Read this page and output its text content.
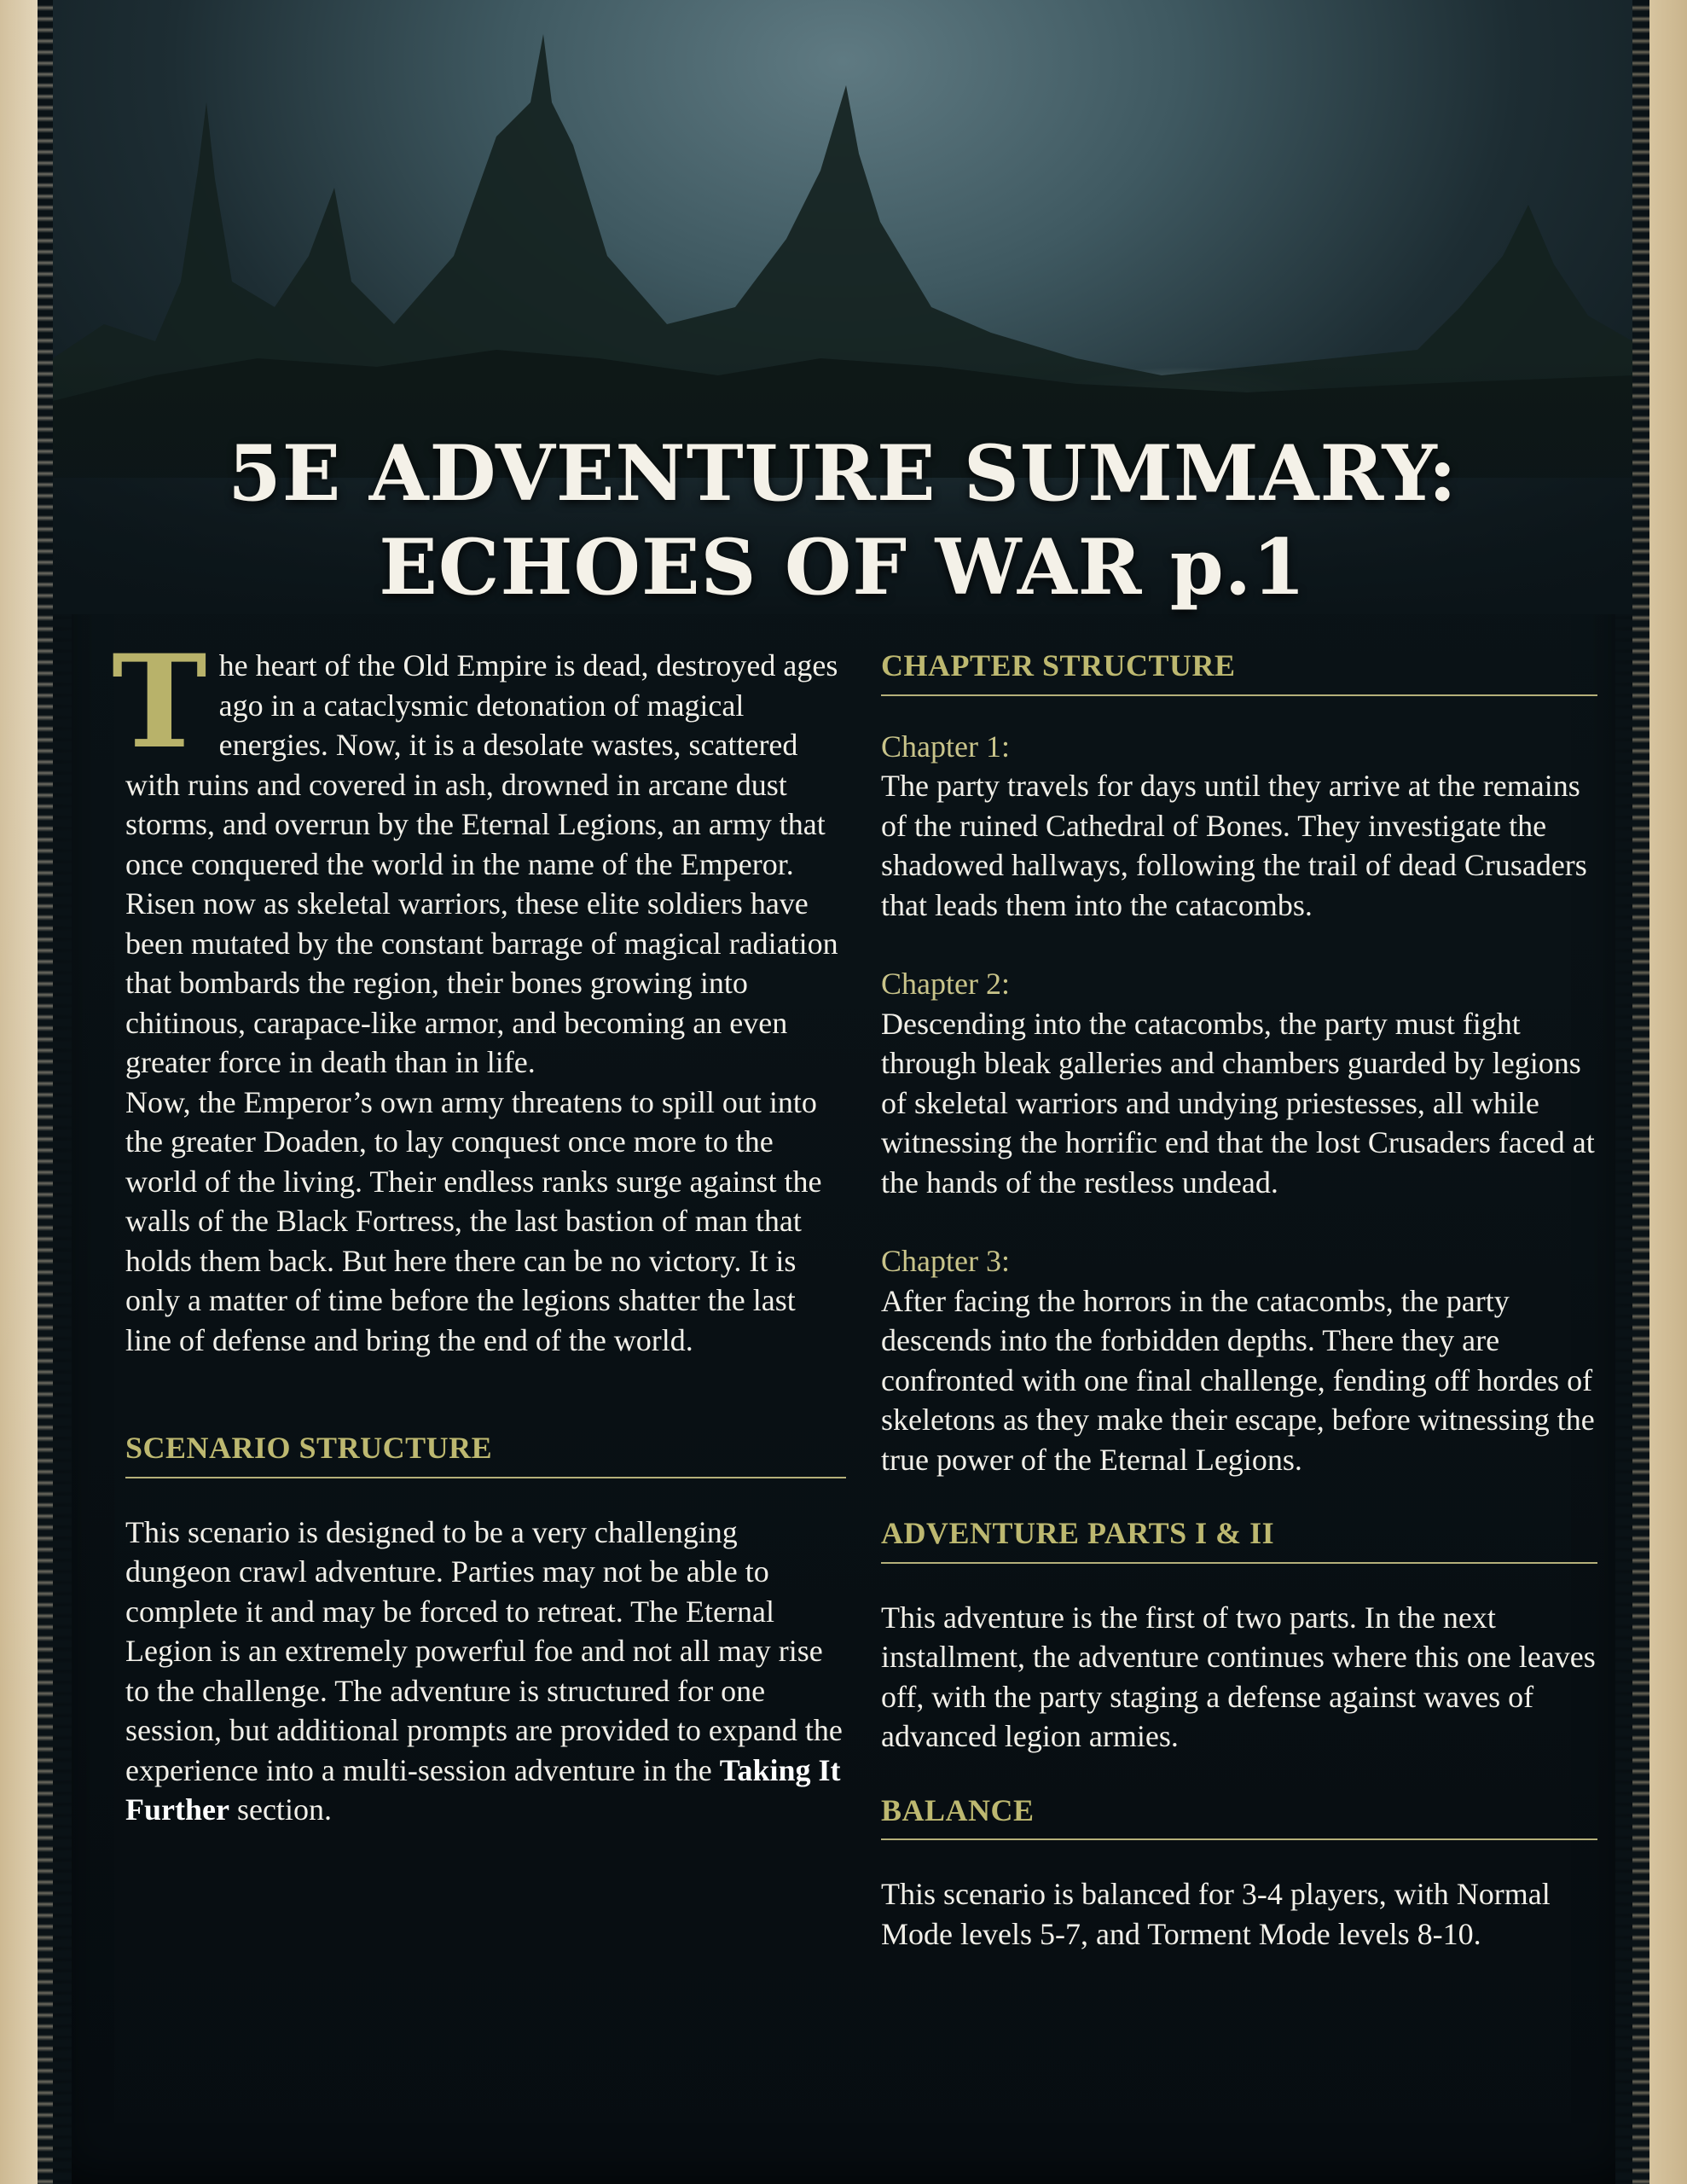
5E ADVENTURE SUMMARY:
ECHOES OF WAR p.1
T he heart of the Old Empire is dead, destroyed ages ago in a cataclysmic detonation of magical energies. Now, it is a desolate wastes, scattered with ruins and covered in ash, drowned in arcane dust storms, and overrun by the Eternal Legions, an army that once conquered the world in the name of the Emperor. Risen now as skeletal warriors, these elite soldiers have been mutated by the constant barrage of magical radiation that bombards the region, their bones growing into chitinous, carapace-like armor, and becoming an even greater force in death than in life.

Now, the Emperor’s own army threatens to spill out into the greater Doaden, to lay conquest once more to the world of the living. Their endless ranks surge against the walls of the Black Fortress, the last bastion of man that holds them back. But here there can be no victory. It is only a matter of time before the legions shatter the last line of defense and bring the end of the world.

SCENARIO STRUCTURE

This scenario is designed to be a very challenging dungeon crawl adventure. Parties may not be able to complete it and may be forced to retreat. The Eternal Legion is an extremely powerful foe and not all may rise to the challenge. The adventure is structured for one session, but additional prompts are provided to expand the experience into a multi-session adventure in the Taking It Further section.

CHAPTER STRUCTURE
Chapter 1:

The party travels for days until they arrive at the remains of the ruined Cathedral of Bones. They investigate the shadowed hallways, following the trail of dead Crusaders that leads them into the catacombs.

Chapter 2:

Descending into the catacombs, the party must fight through bleak galleries and chambers guarded by legions of skeletal warriors and undying priestesses, all while witnessing the horrific end that the lost Crusaders faced at the hands of the restless undead.

Chapter 3:

After facing the horrors in the catacombs, the party descends into the forbidden depths. There they are confronted with one final challenge, fending off hordes of skeletons as they make their escape, before witnessing the true power of the Eternal Legions.

ADVENTURE PARTS I & II

This adventure is the first of two parts. In the next installment, the adventure continues where this one leaves off, with the party staging a defense against waves of advanced legion armies.

BALANCE

This scenario is balanced for 3-4 players, with Normal Mode levels 5-7, and Torment Mode levels 8-10.
